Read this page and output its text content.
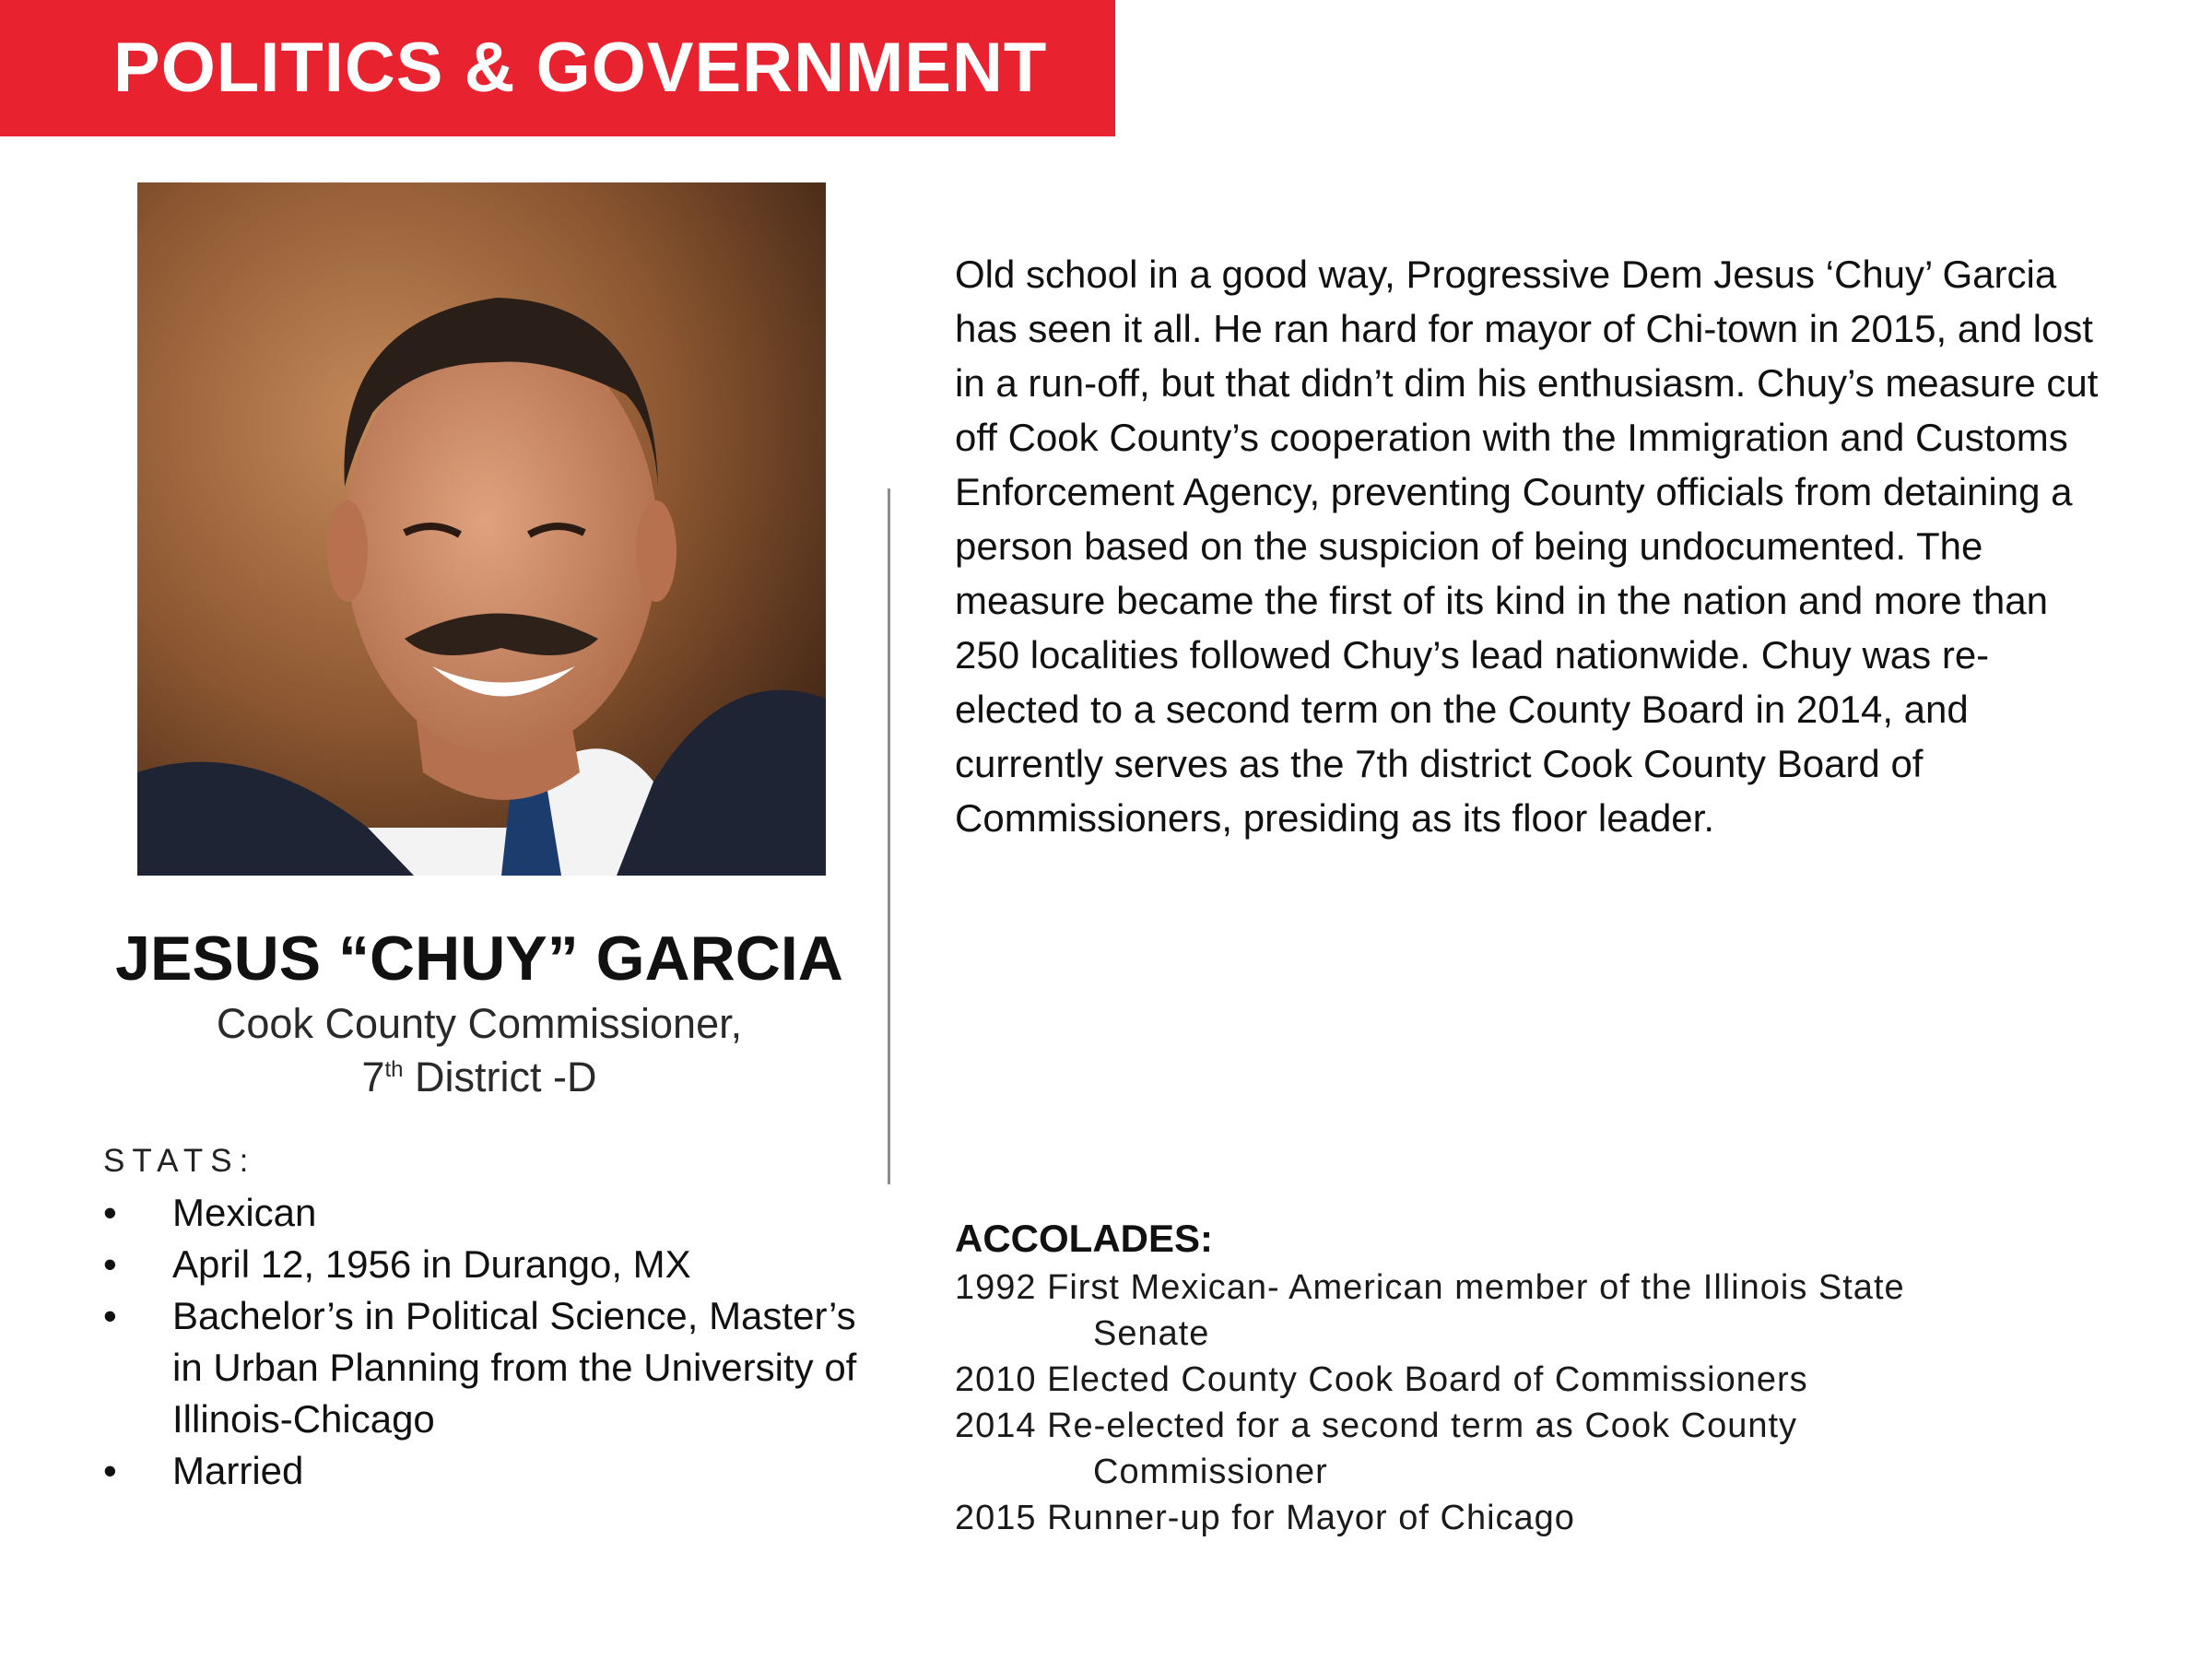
POLITICS & GOVERNMENT
JESUS “CHUY” GARCIA
Cook County Commissioner,
7th District -D
STATS:
•	Mexican
•	April 12, 1956 in Durango, MX
•	Bachelor’s in Political Science, Master’s in Urban Planning from the University of Illinois-Chicago
•	Married
Old school in a good way, Progressive Dem Jesus ‘Chuy’ Garcia has seen it all. He ran hard for mayor of Chi-town in 2015, and lost in a run-off, but that didn’t dim his enthusiasm. Chuy’s measure cut off Cook County’s cooperation with the Immigration and Customs Enforcement Agency, preventing County officials from detaining a person based on the suspicion of being undocumented. The measure became the first of its kind in the nation and more than 250 localities followed Chuy’s lead nationwide. Chuy was re-elected to a second term on the County Board in 2014, and currently serves as the 7th district Cook County Board of Commissioners, presiding as its floor leader.
ACCOLADES:
1992 First Mexican- American member of the Illinois State
Senate
2010 Elected County Cook Board of Commissioners
2014 Re-elected for a second term as Cook County
Commissioner
2015 Runner-up for Mayor of Chicago
